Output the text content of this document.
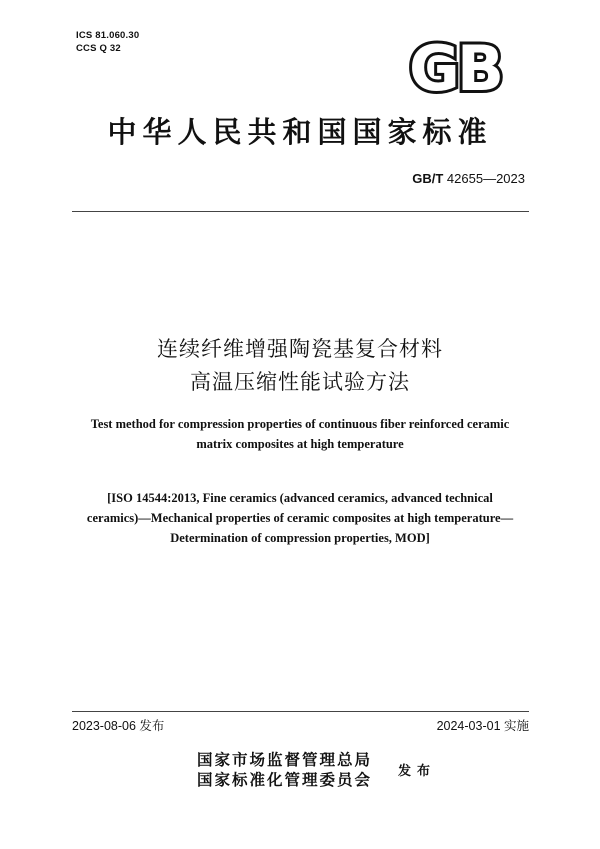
ICS 81.060.30
CCS Q 32	GB
中华人民共和国国家标准
GB/T 42655—2023
连续纤维增强陶瓷基复合材料
高温压缩性能试验方法
Test method for compression properties of continuous fiber reinforced ceramic
matrix composites at high temperature
[ISO 14544:2013, Fine ceramics (advanced ceramics, advanced technical
ceramics)—Mechanical properties of ceramic composites at high temperature—
Determination of compression properties, MOD]
2023-08-06 发布	2024-03-01 实施
国家市场监督管理总局
国家标准化管理委员会 发布
